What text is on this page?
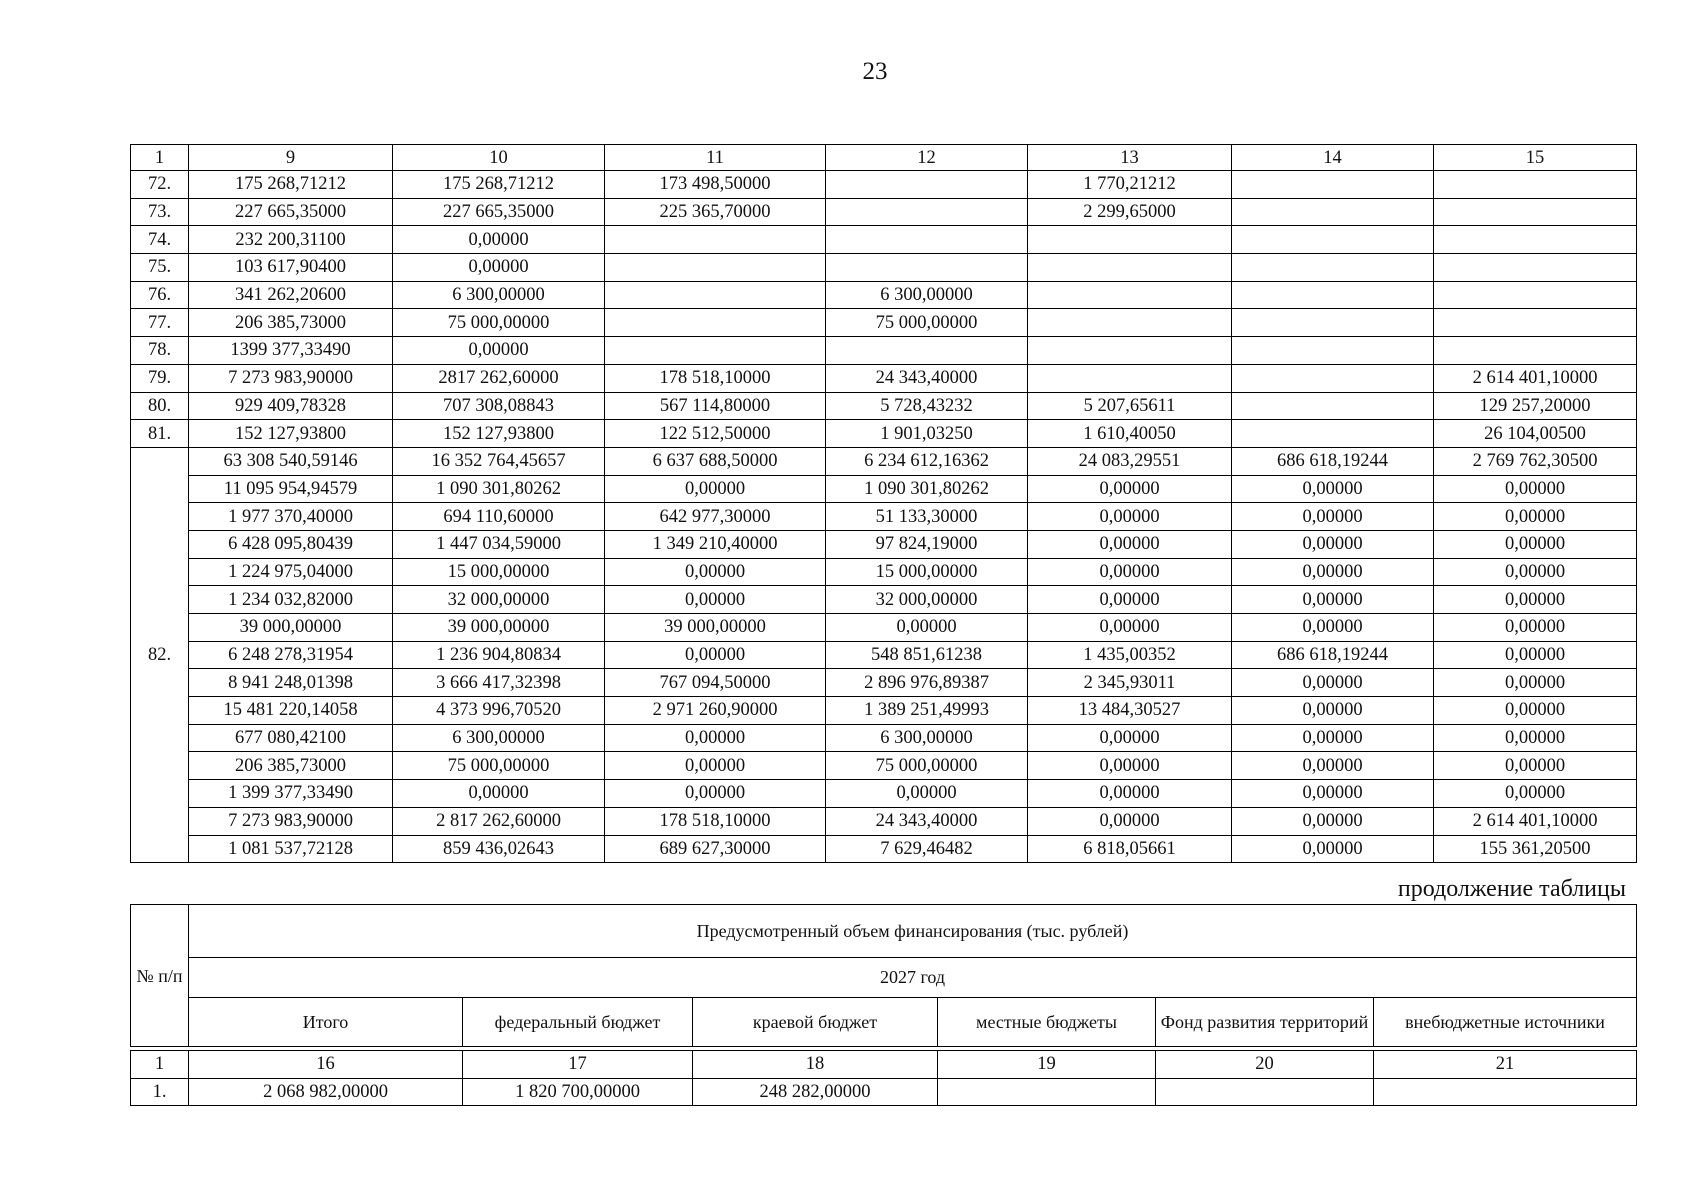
23
1	9	10	11	12	13	14	15
72.	175 268,71212	175 268,71212	173 498,50000		1 770,21212		
73.	227 665,35000	227 665,35000	225 365,70000		2 299,65000		
74.	232 200,31100	0,00000					
75.	103 617,90400	0,00000					
76.	341 262,20600	6 300,00000		6 300,00000			
77.	206 385,73000	75 000,00000		75 000,00000			
78.	1399 377,33490	0,00000					
79.	7 273 983,90000	2817 262,60000	178 518,10000	24 343,40000			2 614 401,10000
80.	929 409,78328	707 308,08843	567 114,80000	5 728,43232	5 207,65611		129 257,20000
81.	152 127,93800	152 127,93800	122 512,50000	1 901,03250	1 610,40050		26 104,00500
82.	63 308 540,59146	16 352 764,45657	6 637 688,50000	6 234 612,16362	24 083,29551	686 618,19244	2 769 762,30500
	11 095 954,94579	1 090 301,80262	0,00000	1 090 301,80262	0,00000	0,00000	0,00000
	1 977 370,40000	694 110,60000	642 977,30000	51 133,30000	0,00000	0,00000	0,00000
	6 428 095,80439	1 447 034,59000	1 349 210,40000	97 824,19000	0,00000	0,00000	0,00000
	1 224 975,04000	15 000,00000	0,00000	15 000,00000	0,00000	0,00000	0,00000
	1 234 032,82000	32 000,00000	0,00000	32 000,00000	0,00000	0,00000	0,00000
	39 000,00000	39 000,00000	39 000,00000	0,00000	0,00000	0,00000	0,00000
	6 248 278,31954	1 236 904,80834	0,00000	548 851,61238	1 435,00352	686 618,19244	0,00000
	8 941 248,01398	3 666 417,32398	767 094,50000	2 896 976,89387	2 345,93011	0,00000	0,00000
	15 481 220,14058	4 373 996,70520	2 971 260,90000	1 389 251,49993	13 484,30527	0,00000	0,00000
	677 080,42100	6 300,00000	0,00000	6 300,00000	0,00000	0,00000	0,00000
	206 385,73000	75 000,00000	0,00000	75 000,00000	0,00000	0,00000	0,00000
	1 399 377,33490	0,00000	0,00000	0,00000	0,00000	0,00000	0,00000
	7 273 983,90000	2 817 262,60000	178 518,10000	24 343,40000	0,00000	0,00000	2 614 401,10000
	1 081 537,72128	859 436,02643	689 627,30000	7 629,46482	6 818,05661	0,00000	155 361,20500
продолжение таблицы
№ п/п	Предусмотренный объем финансирования (тыс. рублей)					
	2027 год					
	Итого	федеральный бюджет	краевой бюджет	местные бюджеты	Фонд развития территорий	внебюджетные источники
1	16	17	18	19	20	21
1.	2 068 982,00000	1 820 700,00000	248 282,00000			
